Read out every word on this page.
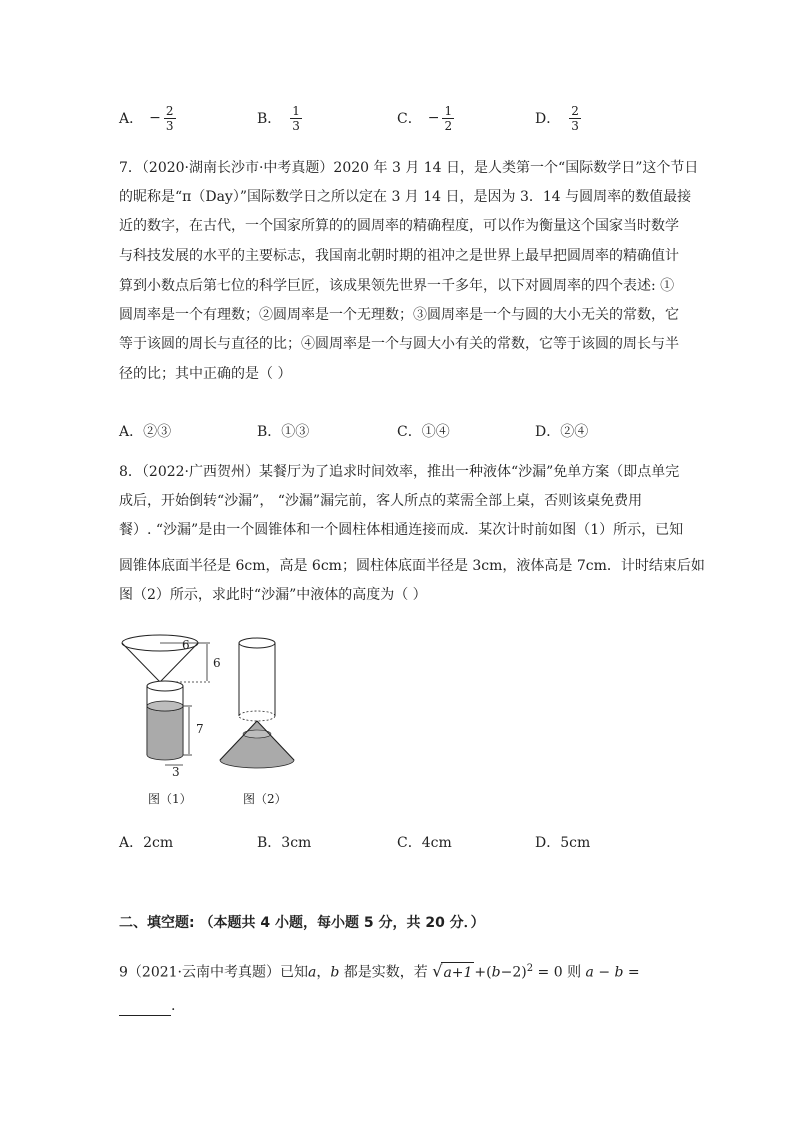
A． − $\frac{2}{3}$	B． $\frac{1}{3}$	C． − $\frac{1}{2}$	D． $\frac{2}{3}$
7．（2020·湖南长沙市·中考真题）2020 年 3 月 14 日，是人类第一个“国际数学日”这个节日
的昵称是“π（Day）”国际数学日之所以定在 3 月 14 日，是因为 3．14 与圆周率的数值最接
近的数字，在古代，一个国家所算的的圆周率的精确程度，可以作为衡量这个国家当时数学
与科技发展的水平的主要标志，我国南北朝时期的祖冲之是世界上最早把圆周率的精确值计
算到小数点后第七位的科学巨匠，该成果领先世界一千多年，以下对圆周率的四个表述: ①
圆周率是一个有理数；②圆周率是一个无理数；③圆周率是一个与圆的大小无关的常数，它
等于该圆的周长与直径的比；④圆周率是一个与圆大小有关的常数，它等于该圆的周长与半
径的比；其中正确的是（ ）
A．②③	B．①③	C．①④	D．②④
8．（2022·广西贺州）某餐厅为了追求时间效率，推出一种液体“沙漏”免单方案（即点单完
成后，开始倒转“沙漏”， “沙漏”漏完前，客人所点的菜需全部上桌，否则该桌免费用
餐）. “沙漏”是由一个圆锥体和一个圆柱体相通连接而成．某次计时前如图（1）所示，已知
圆锥体底面半径是 6cm，高是 6cm；圆柱体底面半径是 3cm，液体高是 7cm．计时结束后如
图（2）所示，求此时“沙漏”中液体的高度为（ ）
6
6
7
3
图（1）	图（2）
A．2cm	B．3cm	C．4cm	D．5cm
二、填空题: （本题共 4 小题，每小题 5 分，共 20 分．）
9（2021·云南中考真题）已知a，b 都是实数，若 $√a+1 +(b-2)^2 = 0$ 则 a − b =
.
